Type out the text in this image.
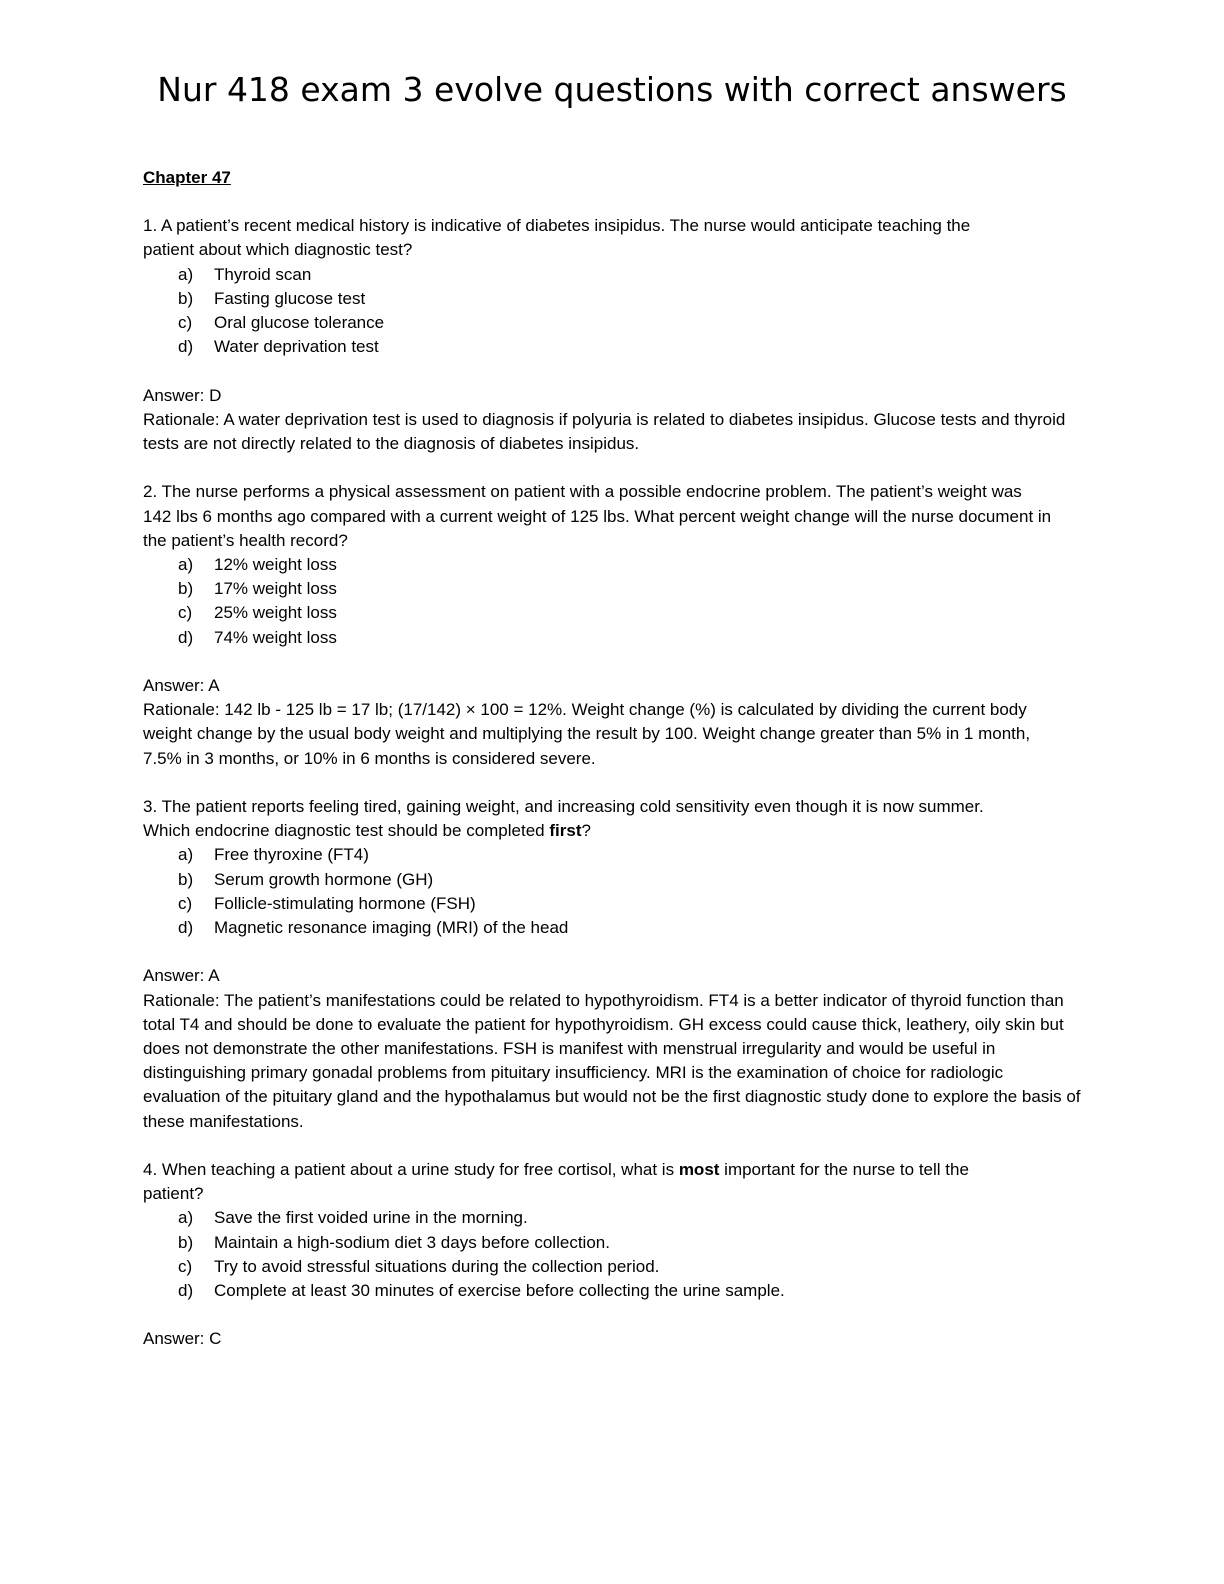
Nur 418 exam 3 evolve questions with correct answers

Chapter 47

1. A patient’s recent medical history is indicative of diabetes insipidus. The nurse would anticipate teaching the patient about which diagnostic test?

a) Thyroid scan
b) Fasting glucose test
c) Oral glucose tolerance
d) Water deprivation test

Answer: D

Rationale: A water deprivation test is used to diagnosis if polyuria is related to diabetes insipidus. Glucose tests and thyroid tests are not directly related to the diagnosis of diabetes insipidus.

2. The nurse performs a physical assessment on patient with a possible endocrine problem. The patient’s weight was 142 lbs 6 months ago compared with a current weight of 125 lbs. What percent weight change will the nurse document in the patient’s health record?

a) 12% weight loss
b) 17% weight loss
c) 25% weight loss
d) 74% weight loss

Answer: A

Rationale: 142 lb - 125 lb = 17 lb; (17/142) × 100 = 12%. Weight change (%) is calculated by dividing the current body weight change by the usual body weight and multiplying the result by 100. Weight change greater than 5% in 1 month, 7.5% in 3 months, or 10% in 6 months is considered severe.

3. The patient reports feeling tired, gaining weight, and increasing cold sensitivity even though it is now summer. Which endocrine diagnostic test should be completed first?

a) Free thyroxine (FT4)
b) Serum growth hormone (GH)
c) Follicle-stimulating hormone (FSH)
d) Magnetic resonance imaging (MRI) of the head

Answer: A

Rationale: The patient’s manifestations could be related to hypothyroidism. FT4 is a better indicator of thyroid function than total T4 and should be done to evaluate the patient for hypothyroidism. GH excess could cause thick, leathery, oily skin but does not demonstrate the other manifestations. FSH is manifest with menstrual irregularity and would be useful in distinguishing primary gonadal problems from pituitary insufficiency. MRI is the examination of choice for radiologic evaluation of the pituitary gland and the hypothalamus but would not be the first diagnostic study done to explore the basis of these manifestations.

4. When teaching a patient about a urine study for free cortisol, what is most important for the nurse to tell the patient?

a) Save the first voided urine in the morning.
b) Maintain a high-sodium diet 3 days before collection.
c) Try to avoid stressful situations during the collection period.
d) Complete at least 30 minutes of exercise before collecting the urine sample.

Answer: C
